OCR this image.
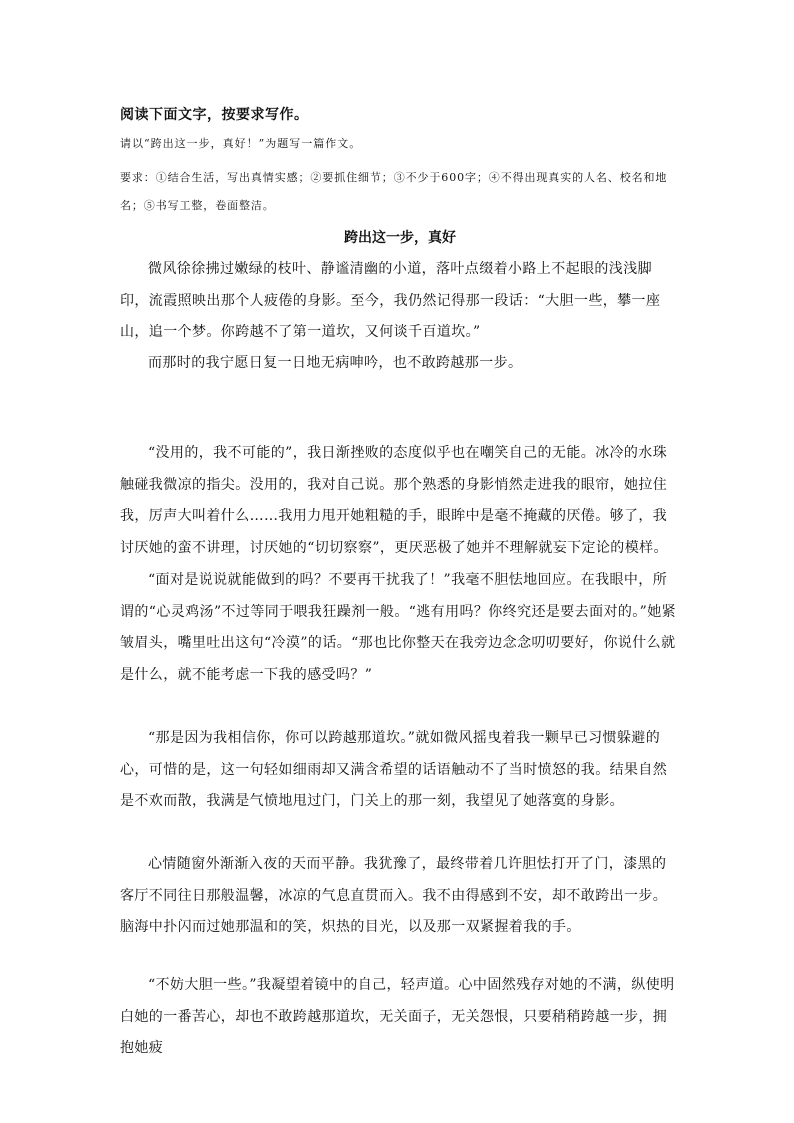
阅读下面文字，按要求写作。
请以“跨出这一步，真好！”为题写一篇作文。
要求：①结合生活，写出真情实感；②要抓住细节；③不少于600字；④不得出现真实的人名、校名和地名；⑤书写工整，卷面整洁。
跨出这一步，真好

微风徐徐拂过嫩绿的枝叶、静谧清幽的小道，落叶点缀着小路上不起眼的浅浅脚印，流霞照映出那个人疲倦的身影。至今，我仍然记得那一段话：“大胆一些，攀一座山，追一个梦。你跨越不了第一道坎，又何谈千百道坎。”

而那时的我宁愿日复一日地无病呻吟，也不敢跨越那一步。

“没用的，我不可能的”，我日渐挫败的态度似乎也在嘲笑自己的无能。冰冷的水珠触碰我微凉的指尖。没用的，我对自己说。那个熟悉的身影悄然走进我的眼帘，她拉住我，厉声大叫着什么……我用力甩开她粗糙的手，眼眸中是毫不掩藏的厌倦。够了，我讨厌她的蛮不讲理，讨厌她的“切切察察”，更厌恶极了她并不理解就妄下定论的模样。

“面对是说说就能做到的吗？不要再干扰我了！”我毫不胆怯地回应。在我眼中，所谓的“心灵鸡汤”不过等同于喂我狂躁剂一般。“逃有用吗？你终究还是要去面对的。”她紧皱眉头，嘴里吐出这句“冷漠”的话。“那也比你整天在我旁边念念叨叨要好，你说什么就是什么，就不能考虑一下我的感受吗？”

“那是因为我相信你，你可以跨越那道坎。”就如微风摇曳着我一颗早已习惯躲避的心，可惜的是，这一句轻如细雨却又满含希望的话语触动不了当时愤怒的我。结果自然是不欢而散，我满是气愤地甩过门，门关上的那一刻，我望见了她落寞的身影。

心情随窗外渐渐入夜的天而平静。我犹豫了，最终带着几许胆怯打开了门，漆黑的客厅不同往日那般温馨，冰凉的气息直贯而入。我不由得感到不安，却不敢跨出一步。脑海中扑闪而过她那温和的笑，炽热的目光，以及那一双紧握着我的手。

“不妨大胆一些。”我凝望着镜中的自己，轻声道。心中固然残存对她的不满，纵使明白她的一番苦心，却也不敢跨越那道坎，无关面子，无关怨恨，只要稍稍跨越一步，拥抱她疲
